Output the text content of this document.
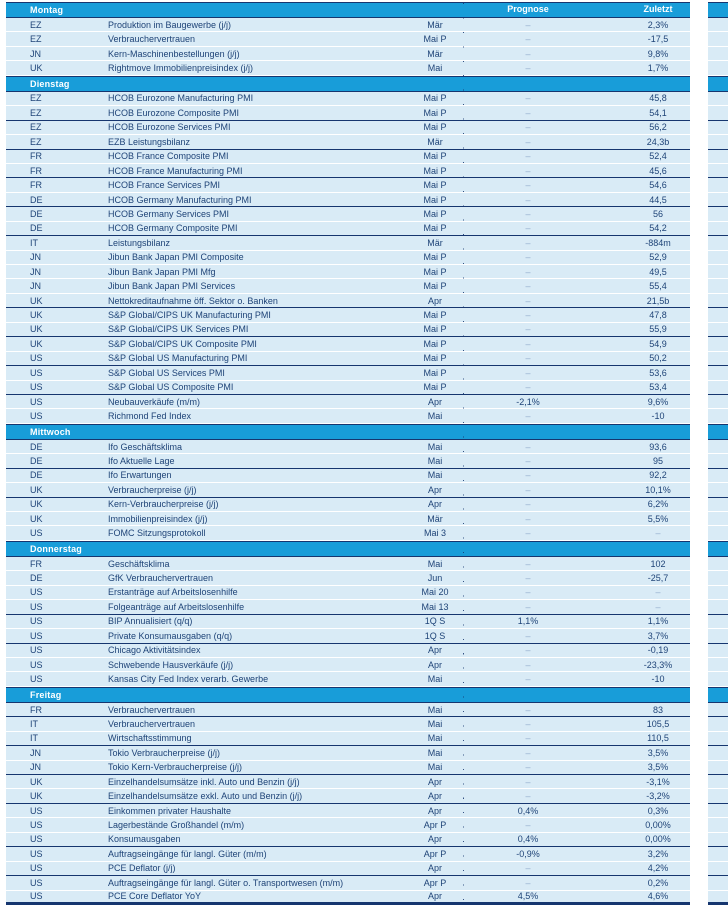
Montag	Prognose	Zuletzt
EZ	Produktion im Baugewerbe (j/j)	Mär	–	2,3%
EZ	Verbrauchervertrauen	Mai P	–	-17,5
JN	Kern-Maschinenbestellungen (j/j)	Mär	–	9,8%
UK	Rightmove Immobilienpreisindex (j/j)	Mai	–	1,7%
Dienstag
EZ	HCOB Eurozone Manufacturing PMI	Mai P	–	45,8
EZ	HCOB Eurozone Composite PMI	Mai P	–	54,1
EZ	HCOB Eurozone Services PMI	Mai P	–	56,2
EZ	EZB Leistungsbilanz	Mär	–	24,3b
FR	HCOB France Composite PMI	Mai P	–	52,4
FR	HCOB France Manufacturing PMI	Mai P	–	45,6
FR	HCOB France Services PMI	Mai P	–	54,6
DE	HCOB Germany Manufacturing PMI	Mai P	–	44,5
DE	HCOB Germany Services PMI	Mai P	–	56
DE	HCOB Germany Composite PMI	Mai P	–	54,2
IT	Leistungsbilanz	Mär	–	-884m
JN	Jibun Bank Japan PMI Composite	Mai P	–	52,9
JN	Jibun Bank Japan PMI Mfg	Mai P	–	49,5
JN	Jibun Bank Japan PMI Services	Mai P	–	55,4
UK	Nettokreditaufnahme öff. Sektor o. Banken	Apr	–	21,5b
UK	S&P Global/CIPS UK Manufacturing PMI	Mai P	–	47,8
UK	S&P Global/CIPS UK Services PMI	Mai P	–	55,9
UK	S&P Global/CIPS UK Composite PMI	Mai P	–	54,9
US	S&P Global US Manufacturing PMI	Mai P	–	50,2
US	S&P Global US Services PMI	Mai P	–	53,6
US	S&P Global US Composite PMI	Mai P	–	53,4
US	Neubauverkäufe (m/m)	Apr	-2,1%	9,6%
US	Richmond Fed Index	Mai	–	-10
Mittwoch
DE	Ifo Geschäftsklima	Mai	–	93,6
DE	Ifo Aktuelle Lage	Mai	–	95
DE	Ifo Erwartungen	Mai	–	92,2
UK	Verbraucherpreise (j/j)	Apr	–	10,1%
UK	Kern-Verbraucherpreise (j/j)	Apr	–	6,2%
UK	Immobilienpreisindex (j/j)	Mär	–	5,5%
US	FOMC Sitzungsprotokoll	Mai 3	–	–
Donnerstag
FR	Geschäftsklima	Mai	–	102
DE	GfK Verbrauchervertrauen	Jun	–	-25,7
US	Erstanträge auf Arbeitslosenhilfe	Mai 20	–	–
US	Folgeanträge auf Arbeitslosenhilfe	Mai 13	–	–
US	BIP Annualisiert (q/q)	1Q S	1,1%	1,1%
US	Private Konsumausgaben (q/q)	1Q S	–	3,7%
US	Chicago Aktivitätsindex	Apr	–	-0,19
US	Schwebende Hausverkäufe (j/j)	Apr	–	-23,3%
US	Kansas City Fed Index verarb. Gewerbe	Mai	–	-10
Freitag
FR	Verbrauchervertrauen	Mai	–	83
IT	Verbrauchervertrauen	Mai	–	105,5
IT	Wirtschaftsstimmung	Mai	–	110,5
JN	Tokio Verbraucherpreise (j/j)	Mai	–	3,5%
JN	Tokio Kern-Verbraucherpreise (j/j)	Mai	–	3,5%
UK	Einzelhandelsumsätze inkl. Auto und Benzin (j/j)	Apr	–	-3,1%
UK	Einzelhandelsumsätze exkl. Auto und Benzin (j/j)	Apr	–	-3,2%
US	Einkommen privater Haushalte	Apr	0,4%	0,3%
US	Lagerbestände Großhandel (m/m)	Apr P	–	0,00%
US	Konsumausgaben	Apr	0,4%	0,00%
US	Auftragseingänge für langl. Güter (m/m)	Apr P	-0,9%	3,2%
US	PCE Deflator (j/j)	Apr	–	4,2%
US	Auftragseingänge für langl. Güter o. Transportwesen (m/m)	Apr P	–	0,2%
US	PCE Core Deflator YoY	Apr	4,5%	4,6%
